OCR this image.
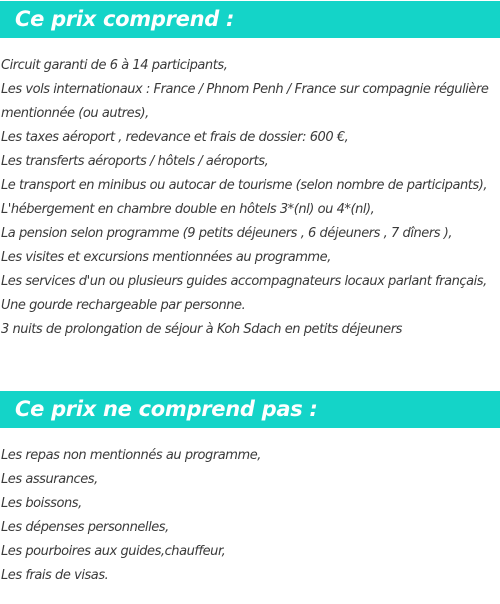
Ce prix comprend :
Circuit garanti de 6 à 14 participants,
Les vols internationaux : France / Phnom Penh / France sur compagnie régulière mentionnée (ou autres),
Les taxes aéroport , redevance et frais de dossier: 600 €,
Les transferts aéroports / hôtels / aéroports,
Le transport en minibus ou autocar de tourisme (selon nombre de participants),
L'hébergement en chambre double en hôtels 3*(nl) ou 4*(nl),
La pension selon programme (9 petits déjeuners , 6 déjeuners , 7 dîners ),
Les visites et excursions mentionnées au programme,
Les services d'un ou plusieurs guides accompagnateurs locaux parlant français,
Une gourde rechargeable par personne.
3 nuits de prolongation de séjour à Koh Sdach en petits déjeuners
Ce prix ne comprend pas :
Les repas non mentionnés au programme,
Les assurances,
Les boissons,
Les dépenses personnelles,
Les pourboires aux guides,chauffeur,
Les frais de visas.
